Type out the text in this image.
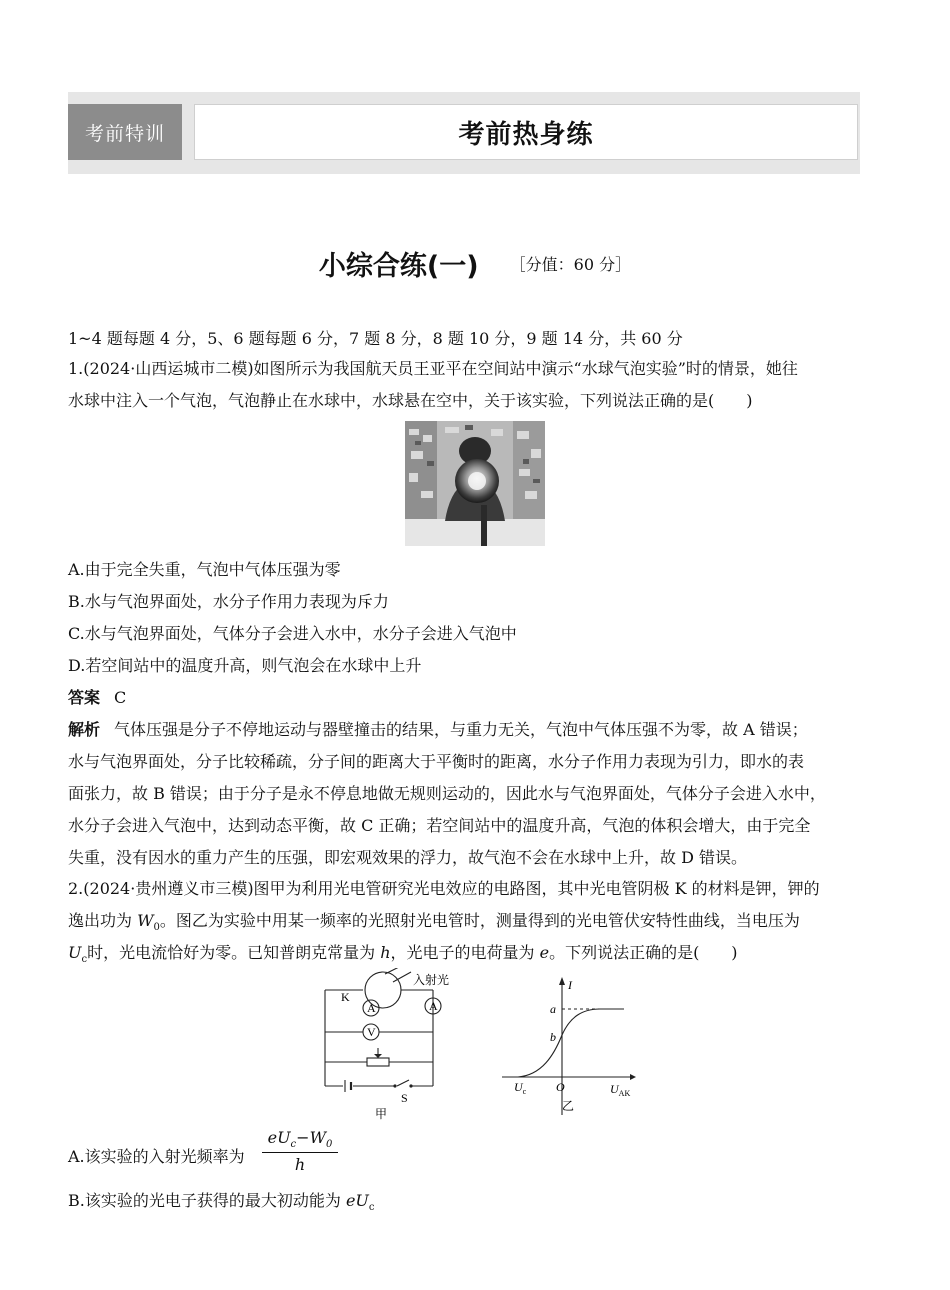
考前特训	考前热身练
小综合练(一) ［分值：60 分］
1~4 题每题 4 分，5、6 题每题 6 分，7 题 8 分，8 题 10 分，9 题 14 分，共 60 分
1.(2024·山西运城市二模)如图所示为我国航天员王亚平在空间站中演示“水球气泡实验”时的情景，她往
水球中注入一个气泡，气泡静止在水球中，水球悬在空中，关于该实验，下列说法正确的是(　　)
A.由于完全失重，气泡中气体压强为零
B.水与气泡界面处，水分子作用力表现为斥力
C.水与气泡界面处，气体分子会进入水中，水分子会进入气泡中
D.若空间站中的温度升高，则气泡会在水球中上升
答案 C
解析 气体压强是分子不停地运动与器壁撞击的结果，与重力无关，气泡中气体压强不为零，故 A 错误；
水与气泡界面处，分子比较稀疏，分子间的距离大于平衡时的距离，水分子作用力表现为引力，即水的表
面张力，故 B 错误；由于分子是永不停息地做无规则运动的，因此水与气泡界面处，气体分子会进入水中，
水分子会进入气泡中，达到动态平衡，故 C 正确；若空间站中的温度升高，气泡的体积会增大，由于完全
失重，没有因水的重力产生的压强，即宏观效果的浮力，故气泡不会在水球中上升，故 D 错误。
2.(2024·贵州遵义市三模)图甲为利用光电管研究光电效应的电路图，其中光电管阴极 K 的材料是钾，钾的
逸出功为 $W_0$。图乙为实验中用某一频率的光照射光电管时，测量得到的光电管伏安特性曲线，当电压为
$U_c$时，光电流恰好为零。已知普朗克常量为 h，光电子的电荷量为 e。下列说法正确的是(　　)
入射光
K
A	A
V
S
甲
I
a
b
$U_c$ O	$U_{AK}$
乙
A.该实验的入射光频率为
$eU_c-W_0$
h
B.该实验的光电子获得的最大初动能为 $eU_c$
